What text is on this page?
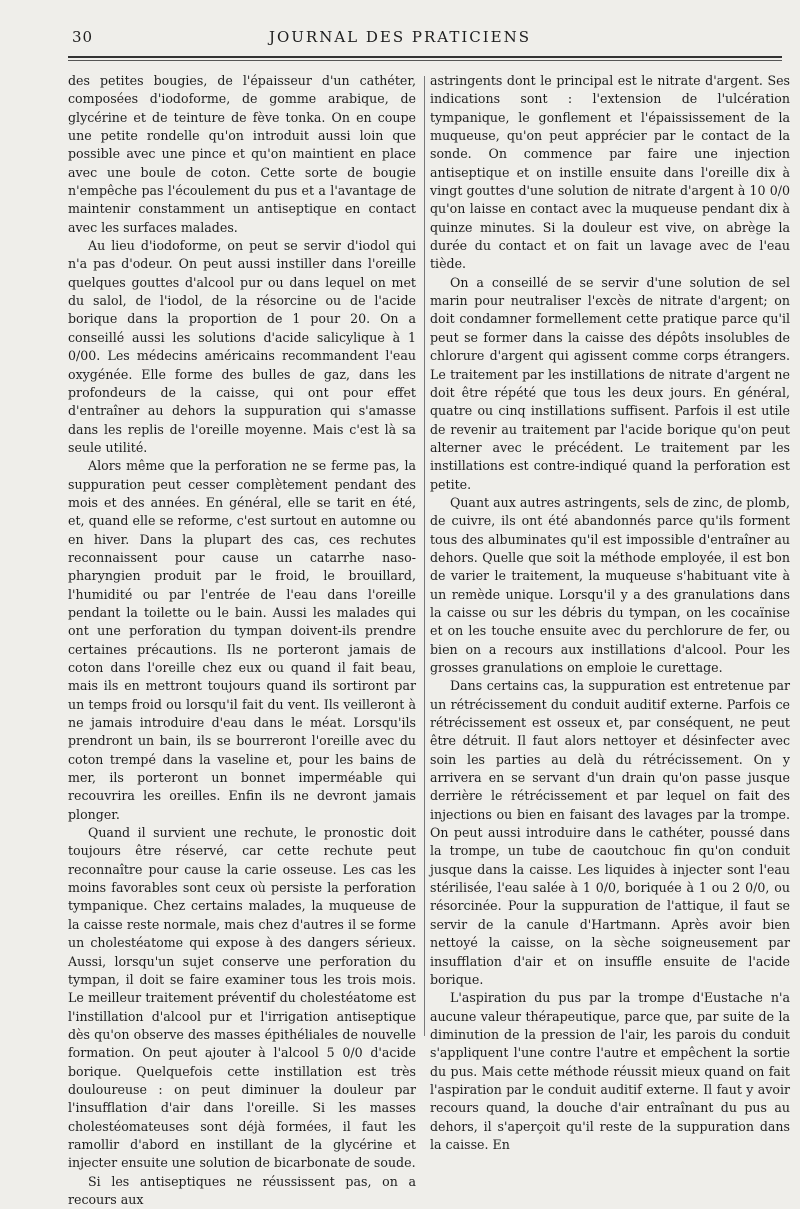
30	JOURNAL DES PRATICIENS

des petites bougies, de l'épaisseur d'un cathéter, composées d'iodoforme, de gomme arabique, de glycérine et de teinture de fève tonka. On en coupe une petite rondelle qu'on introduit aussi loin que possible avec une pince et qu'on maintient en place avec une boule de coton. Cette sorte de bougie n'empêche pas l'écoulement du pus et a l'avantage de maintenir constamment un antiseptique en contact avec les surfaces malades.

Au lieu d'iodoforme, on peut se servir d'iodol qui n'a pas d'odeur. On peut aussi instiller dans l'oreille quelques gouttes d'alcool pur ou dans lequel on met du salol, de l'iodol, de la résorcine ou de l'acide borique dans la proportion de 1 pour 20. On a conseillé aussi les solutions d'acide salicylique à 1 0/00. Les médecins américains recommandent l'eau oxygénée. Elle forme des bulles de gaz, dans les profondeurs de la caisse, qui ont pour effet d'entraîner au dehors la suppuration qui s'amasse dans les replis de l'oreille moyenne. Mais c'est là sa seule utilité.

Alors même que la perforation ne se ferme pas, la suppuration peut cesser complètement pendant des mois et des années. En général, elle se tarit en été, et, quand elle se reforme, c'est surtout en automne ou en hiver. Dans la plupart des cas, ces rechutes reconnaissent pour cause un catarrhe naso-pharyngien produit par le froid, le brouillard, l'humidité ou par l'entrée de l'eau dans l'oreille pendant la toilette ou le bain. Aussi les malades qui ont une perforation du tympan doivent-ils prendre certaines précautions. Ils ne porteront jamais de coton dans l'oreille chez eux ou quand il fait beau, mais ils en mettront toujours quand ils sortiront par un temps froid ou lorsqu'il fait du vent. Ils veilleront à ne jamais introduire d'eau dans le méat. Lorsqu'ils prendront un bain, ils se bourreront l'oreille avec du coton trempé dans la vaseline et, pour les bains de mer, ils porteront un bonnet imperméable qui recouvrira les oreilles. Enfin ils ne devront jamais plonger.

Quand il survient une rechute, le pronostic doit toujours être réservé, car cette rechute peut reconnaître pour cause la carie osseuse. Les cas les moins favorables sont ceux où persiste la perforation tympanique. Chez certains malades, la muqueuse de la caisse reste normale, mais chez d'autres il se forme un cholestéatome qui expose à des dangers sérieux. Aussi, lorsqu'un sujet conserve une perforation du tympan, il doit se faire examiner tous les trois mois. Le meilleur traitement préventif du cholestéatome est l'instillation d'alcool pur et l'irrigation antiseptique dès qu'on observe des masses épithéliales de nouvelle formation. On peut ajouter à l'alcool 5 0/0 d'acide borique. Quelquefois cette instillation est très douloureuse : on peut diminuer la douleur par l'insufflation d'air dans l'oreille. Si les masses cholestéomateuses sont déjà formées, il faut les ramollir d'abord en instillant de la glycérine et injecter ensuite une solution de bicarbonate de soude.

Si les antiseptiques ne réussissent pas, on a recours aux

astringents dont le principal est le nitrate d'argent. Ses indications sont : l'extension de l'ulcération tympanique, le gonflement et l'épaississement de la muqueuse, qu'on peut apprécier par le contact de la sonde. On commence par faire une injection antiseptique et on instille ensuite dans l'oreille dix à vingt gouttes d'une solution de nitrate d'argent à 10 0/0 qu'on laisse en contact avec la muqueuse pendant dix à quinze minutes. Si la douleur est vive, on abrège la durée du contact et on fait un lavage avec de l'eau tiède.

On a conseillé de se servir d'une solution de sel marin pour neutraliser l'excès de nitrate d'argent; on doit condamner formellement cette pratique parce qu'il peut se former dans la caisse des dépôts insolubles de chlorure d'argent qui agissent comme corps étrangers. Le traitement par les instillations de nitrate d'argent ne doit être répété que tous les deux jours. En général, quatre ou cinq instillations suffisent. Parfois il est utile de revenir au traitement par l'acide borique qu'on peut alterner avec le précédent. Le traitement par les instillations est contre-indiqué quand la perforation est petite.

Quant aux autres astringents, sels de zinc, de plomb, de cuivre, ils ont été abandonnés parce qu'ils forment tous des albuminates qu'il est impossible d'entraîner au dehors. Quelle que soit la méthode employée, il est bon de varier le traitement, la muqueuse s'habituant vite à un remède unique. Lorsqu'il y a des granulations dans la caisse ou sur les débris du tympan, on les cocaïnise et on les touche ensuite avec du perchlorure de fer, ou bien on a recours aux instillations d'alcool. Pour les grosses granulations on emploie le curettage.

Dans certains cas, la suppuration est entretenue par un rétrécissement du conduit auditif externe. Parfois ce rétrécissement est osseux et, par conséquent, ne peut être détruit. Il faut alors nettoyer et désinfecter avec soin les parties au delà du rétrécissement. On y arrivera en se servant d'un drain qu'on passe jusque derrière le rétrécissement et par lequel on fait des injections ou bien en faisant des lavages par la trompe. On peut aussi introduire dans le cathéter, poussé dans la trompe, un tube de caoutchouc fin qu'on conduit jusque dans la caisse. Les liquides à injecter sont l'eau stérilisée, l'eau salée à 1 0/0, boriquée à 1 ou 2 0/0, ou résorcinée. Pour la suppuration de l'attique, il faut se servir de la canule d'Hartmann. Après avoir bien nettoyé la caisse, on la sèche soigneusement par insufflation d'air et on insuffle ensuite de l'acide borique.

L'aspiration du pus par la trompe d'Eustache n'a aucune valeur thérapeutique, parce que, par suite de la diminution de la pression de l'air, les parois du conduit s'appliquent l'une contre l'autre et empêchent la sortie du pus. Mais cette méthode réussit mieux quand on fait l'aspiration par le conduit auditif externe. Il faut y avoir recours quand, la douche d'air entraînant du pus au dehors, il s'aperçoit qu'il reste de la suppuration dans la caisse. En
